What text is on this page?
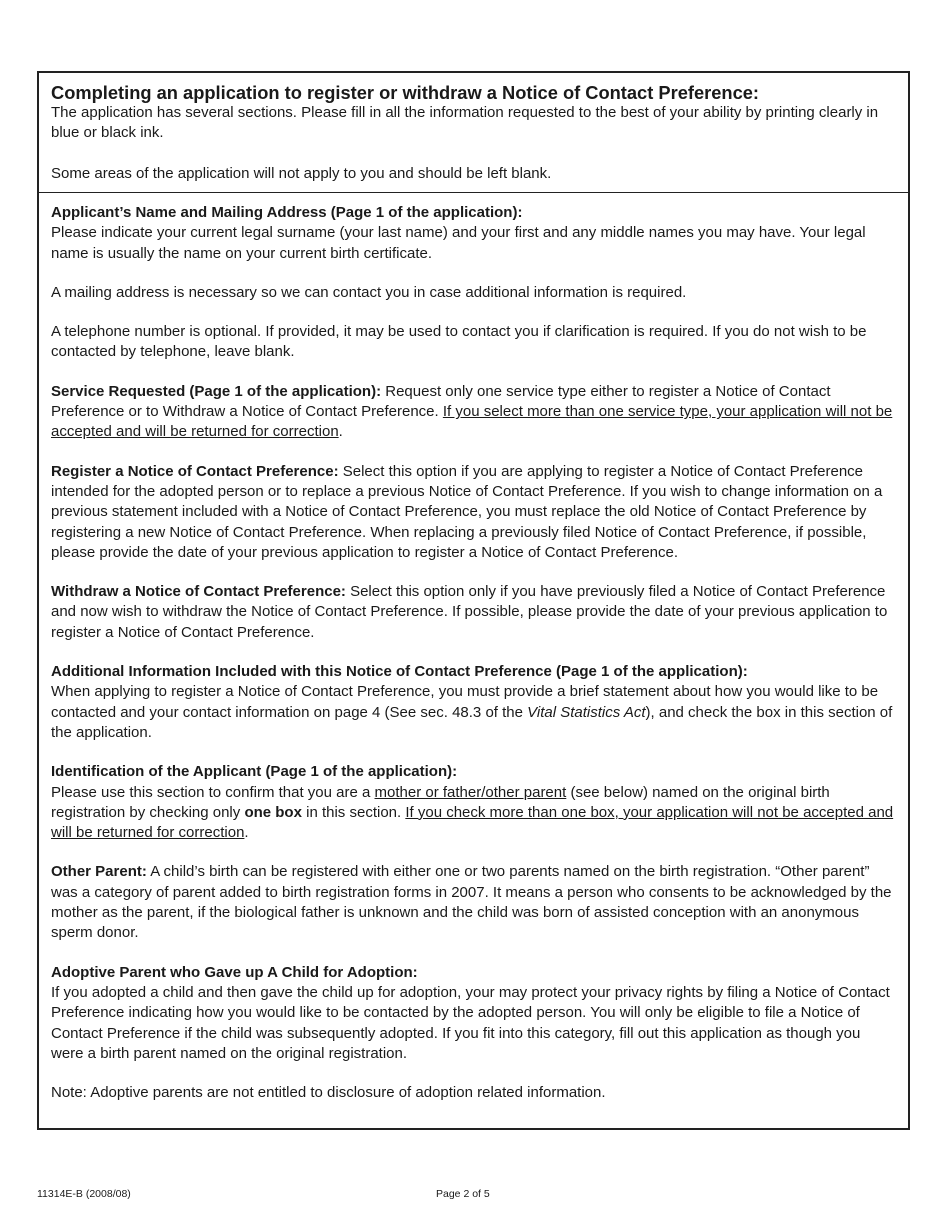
Completing an application to register or withdraw a Notice of Contact Preference:

The application has several sections. Please fill in all the information requested to the best of your ability by printing clearly in blue or black ink.

Some areas of the application will not apply to you and should be left blank.

Applicant’s Name and Mailing Address (Page 1 of the application):
Please indicate your current legal surname (your last name) and your first and any middle names you may have. Your legal name is usually the name on your current birth certificate.

A mailing address is necessary so we can contact you in case additional information is required.

A telephone number is optional. If provided, it may be used to contact you if clarification is required. If you do not wish to be contacted by telephone, leave blank.

Service Requested (Page 1 of the application): Request only one service type either to register a Notice of Contact Preference or to Withdraw a Notice of Contact Preference. If you select more than one service type, your application will not be accepted and will be returned for correction.

Register a Notice of Contact Preference: Select this option if you are applying to register a Notice of Contact Preference intended for the adopted person or to replace a previous Notice of Contact Preference. If you wish to change information on a previous statement included with a Notice of Contact Preference, you must replace the old Notice of Contact Preference by registering a new Notice of Contact Preference. When replacing a previously filed Notice of Contact Preference, if possible, please provide the date of your previous application to register a Notice of Contact Preference.

Withdraw a Notice of Contact Preference: Select this option only if you have previously filed a Notice of Contact Preference and now wish to withdraw the Notice of Contact Preference. If possible, please provide the date of your previous application to register a Notice of Contact Preference.

Additional Information Included with this Notice of Contact Preference (Page 1 of the application):
When applying to register a Notice of Contact Preference, you must provide a brief statement about how you would like to be contacted and your contact information on page 4 (See sec. 48.3 of the Vital Statistics Act), and check the box in this section of the application.

Identification of the Applicant (Page 1 of the application):
Please use this section to confirm that you are a mother or father/other parent (see below) named on the original birth registration by checking only one box in this section. If you check more than one box, your application will not be accepted and will be returned for correction.

Other Parent: A child’s birth can be registered with either one or two parents named on the birth registration. “Other parent” was a category of parent added to birth registration forms in 2007. It means a person who consents to be acknowledged by the mother as the parent, if the biological father is unknown and the child was born of assisted conception with an anonymous sperm donor.

Adoptive Parent who Gave up A Child for Adoption:
If you adopted a child and then gave the child up for adoption, your may protect your privacy rights by filing a Notice of Contact Preference indicating how you would like to be contacted by the adopted person. You will only be eligible to file a Notice of Contact Preference if the child was subsequently adopted. If you fit into this category, fill out this application as though you were a birth parent named on the original registration.

Note: Adoptive parents are not entitled to disclosure of adoption related information.

11314E-B (2008/08)	Page 2 of 5
